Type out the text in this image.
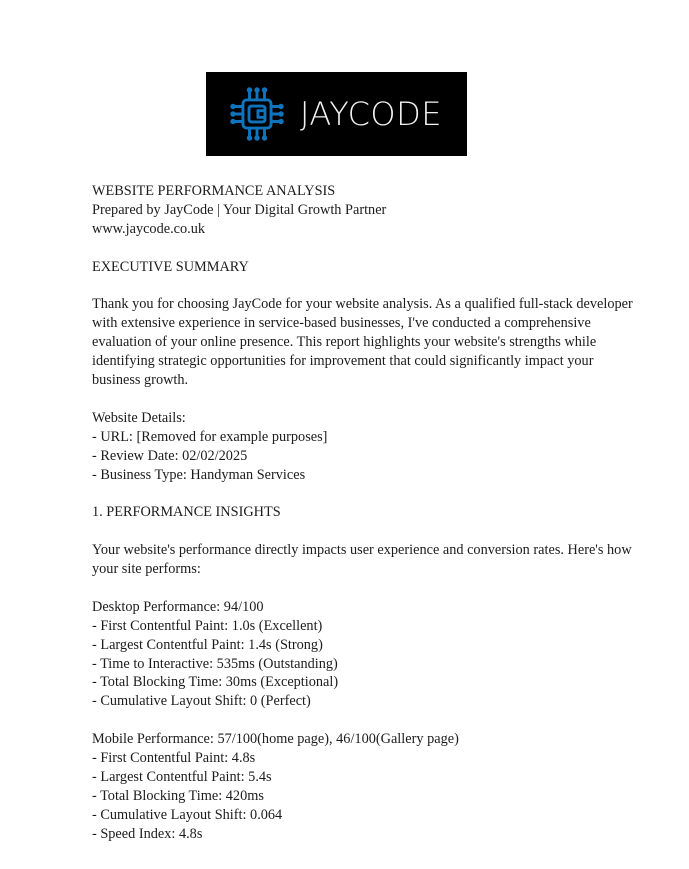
JAYCODE
WEBSITE PERFORMANCE ANALYSIS
Prepared by JayCode | Your Digital Growth Partner
www.jaycode.co.uk
EXECUTIVE SUMMARY
Thank you for choosing JayCode for your website analysis. As a qualified full-stack developer with extensive experience in service-based businesses, I've conducted a comprehensive evaluation of your online presence. This report highlights your website's strengths while identifying strategic opportunities for improvement that could significantly impact your business growth.
Website Details:
- URL: [Removed for example purposes]
- Review Date: 02/02/2025
- Business Type: Handyman Services
1. PERFORMANCE INSIGHTS
Your website's performance directly impacts user experience and conversion rates. Here's how your site performs:
Desktop Performance: 94/100
- First Contentful Paint: 1.0s (Excellent)
- Largest Contentful Paint: 1.4s (Strong)
- Time to Interactive: 535ms (Outstanding)
- Total Blocking Time: 30ms (Exceptional)
- Cumulative Layout Shift: 0 (Perfect)
Mobile Performance: 57/100(home page), 46/100(Gallery page)
- First Contentful Paint: 4.8s
- Largest Contentful Paint: 5.4s
- Total Blocking Time: 420ms
- Cumulative Layout Shift: 0.064
- Speed Index: 4.8s
